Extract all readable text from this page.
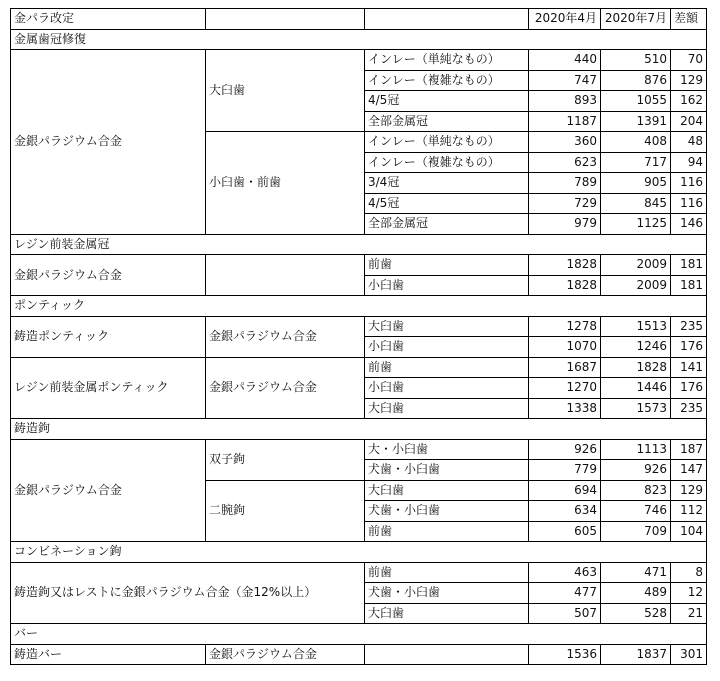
金パラ改定			2020年4月	2020年7月	差額
金属歯冠修復					
金銀パラジウム合金	大臼歯	インレー（単純なもの）	440	510	70
		インレー（複雑なもの）	747	876	129
		4/5冠	893	1055	162
		全部金属冠	1187	1391	204
	小臼歯・前歯	インレー（単純なもの）	360	408	48
		インレー（複雑なもの）	623	717	94
		3/4冠	789	905	116
		4/5冠	729	845	116
		全部金属冠	979	1125	146
レジン前装金属冠					
金銀パラジウム合金		前歯	1828	2009	181
		小臼歯	1828	2009	181
ポンティック					
鋳造ポンティック	金銀パラジウム合金	大臼歯	1278	1513	235
		小臼歯	1070	1246	176
レジン前装金属ポンティック	金銀パラジウム合金	前歯	1687	1828	141
		小臼歯	1270	1446	176
		大臼歯	1338	1573	235
鋳造鉤					
金銀パラジウム合金	双子鉤	大・小臼歯	926	1113	187
		犬歯・小臼歯	779	926	147
	二腕鉤	大臼歯	694	823	129
		犬歯・小臼歯	634	746	112
		前歯	605	709	104
コンビネーション鉤					
鋳造鉤又はレストに金銀パラジウム合金（金12%以上）		前歯	463	471	8
		犬歯・小臼歯	477	489	12
		大臼歯	507	528	21
バー					
鋳造バー	金銀パラジウム合金		1536	1837	301
